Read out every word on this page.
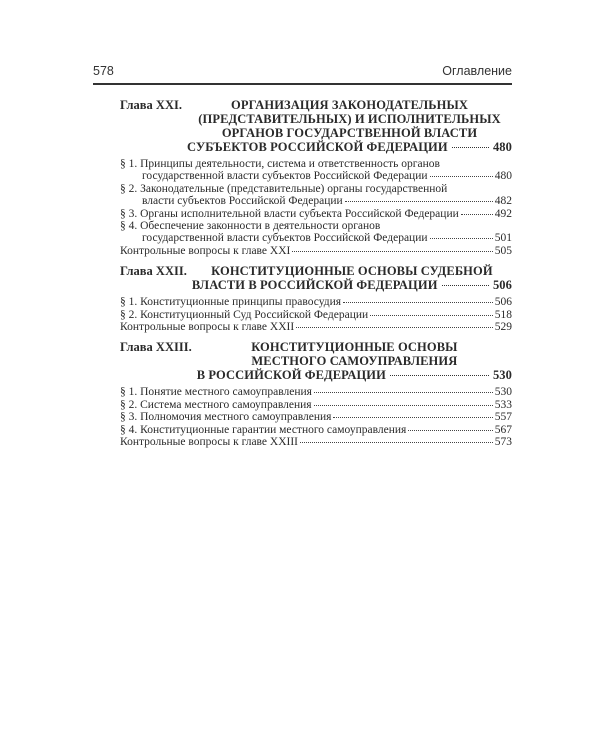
578	Оглавление
Глава XXI.	ОРГАНИЗАЦИЯ ЗАКОНОДАТЕЛЬНЫХ
(ПРЕДСТАВИТЕЛЬНЫХ) И ИСПОЛНИТЕЛЬНЫХ
ОРГАНОВ ГОСУДАРСТВЕННОЙ ВЛАСТИ
СУБЪЕКТОВ РОССИЙСКОЙ ФЕДЕРАЦИИ	480
§ 1. Принципы деятельности, система и ответственность органов
государственной власти субъектов Российской Федерации	480
§ 2. Законодательные (представительные) органы государственной
власти субъектов Российской Федерации	482
§ 3. Органы исполнительной власти субъекта Российской Федерации	492
§ 4. Обеспечение законности в деятельности органов
государственной власти субъектов Российской Федерации	501
Контрольные вопросы к главе XXI	505
Глава XXII.	КОНСТИТУЦИОННЫЕ ОСНОВЫ СУДЕБНОЙ
ВЛАСТИ В РОССИЙСКОЙ ФЕДЕРАЦИИ	506
§ 1. Конституционные принципы правосудия	506
§ 2. Конституционный Суд Российской Федерации	518
Контрольные вопросы к главе XXII	529
Глава XXIII.	КОНСТИТУЦИОННЫЕ ОСНОВЫ
МЕСТНОГО САМОУПРАВЛЕНИЯ
В РОССИЙСКОЙ ФЕДЕРАЦИИ	530
§ 1. Понятие местного самоуправления	530
§ 2. Система местного самоуправления	533
§ 3. Полномочия местного самоуправления	557
§ 4. Конституционные гарантии местного самоуправления	567
Контрольные вопросы к главе XXIII	573
